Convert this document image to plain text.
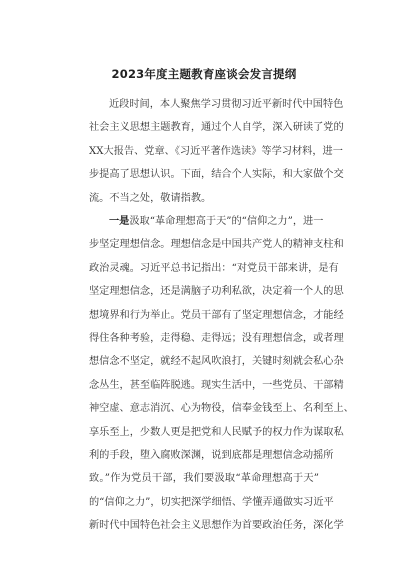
2023年度主题教育座谈会发言提纲
近段时间，本人聚焦学习贯彻习近平新时代中国特色
社会主义思想主题教育，通过个人自学，深入研读了党的
XX大报告、党章、《习近平著作选读》等学习材料，进一
步提高了思想认识。下面，结合个人实际，和大家做个交
流。不当之处，敬请指教。
一是汲取“革命理想高于天”的“信仰之力”，进一
步坚定理想信念。理想信念是中国共产党人的精神支柱和
政治灵魂。习近平总书记指出：“对党员干部来讲，是有
坚定理想信念，还是满脑子功利私欲，决定着一个人的思
想境界和行为举止。党员干部有了坚定理想信念，才能经
得住各种考验，走得稳、走得远；没有理想信念，或者理
想信念不坚定，就经不起风吹浪打，关键时刻就会私心杂
念丛生，甚至临阵脱逃。现实生活中，一些党员、干部精
神空虚、意志消沉、心为物役，信奉金钱至上、名利至上、
享乐至上，少数人更是把党和人民赋予的权力作为谋取私
利的手段，堕入腐败深渊，说到底都是理想信念动摇所
致。”作为党员干部，我们要汲取“革命理想高于天”
的“信仰之力”，切实把深学细悟、学懂弄通做实习近平
新时代中国特色社会主义思想作为首要政治任务，深化学
